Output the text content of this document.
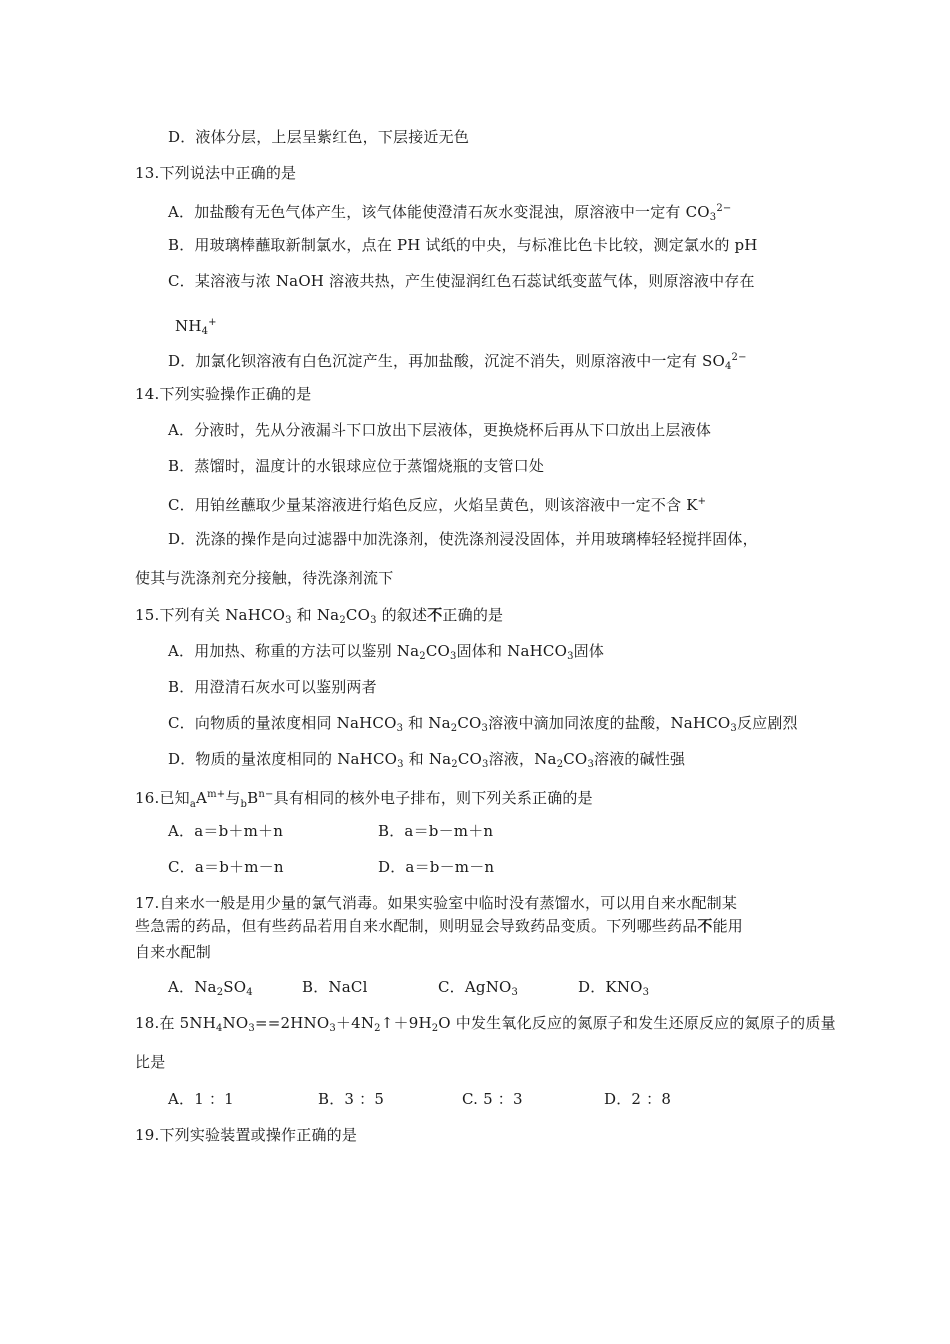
D．液体分层，上层呈紫红色，下层接近无色
13.下列说法中正确的是
A．加盐酸有无色气体产生，该气体能使澄清石灰水变混浊，原溶液中一定有 $CO_3^{2-}$
B．用玻璃棒蘸取新制氯水，点在 PH 试纸的中央，与标准比色卡比较，测定氯水的 pH
C．某溶液与浓 NaOH 溶液共热，产生使湿润红色石蕊试纸变蓝气体，则原溶液中存在
$NH_4^+$
D．加氯化钡溶液有白色沉淀产生，再加盐酸，沉淀不消失，则原溶液中一定有 $SO_4^{2-}$
14.下列实验操作正确的是
A．分液时，先从分液漏斗下口放出下层液体，更换烧杯后再从下口放出上层液体
B．蒸馏时，温度计的水银球应位于蒸馏烧瓶的支管口处
C．用铂丝蘸取少量某溶液进行焰色反应，火焰呈黄色，则该溶液中一定不含 K+
D．洗涤的操作是向过滤器中加洗涤剂，使洗涤剂浸没固体，并用玻璃棒轻轻搅拌固体，
使其与洗涤剂充分接触，待洗涤剂流下
15.下列有关 NaHCO$_3$ 和 $Na_2CO_3$ 的叙述不正确的是
A．用加热、称重的方法可以鉴别 $Na_2CO_3$固体和 NaHCO$_3$固体
B．用澄清石灰水可以鉴别两者
C．向物质的量浓度相同 NaHCO$_3$ 和 $Na_2CO_3$溶液中滴加同浓度的盐酸，NaHCO$_3$反应剧烈
D．物质的量浓度相同的 NaHCO$_3$ 和 $Na_2CO_3$溶液，$Na_2CO_3$溶液的碱性强
16.已知$_aA^{m+}$与$_bB^{n-}$具有相同的核外电子排布，则下列关系正确的是
A．a＝b＋m＋n	B．a＝b－m＋n
C．a＝b＋m－n	D．a＝b－m－n
17.自来水一般是用少量的氯气消毒。如果实验室中临时没有蒸馏水，可以用自来水配制某
些急需的药品，但有些药品若用自来水配制，则明显会导致药品变质。下列哪些药品不能用
自来水配制
A．$Na_2SO_4$	B．NaCl	C．AgNO$_3$	D．$KNO_3$
18.在 $5NH_4NO_3==2HNO_3+4N_2↑+9H_2O$ 中发生氧化反应的氮原子和发生还原反应的氮原子的质量
比是
A．1 ：1	B．3 ：5	C. 5 ：3	D．2 ：8
19.下列实验装置或操作正确的是
